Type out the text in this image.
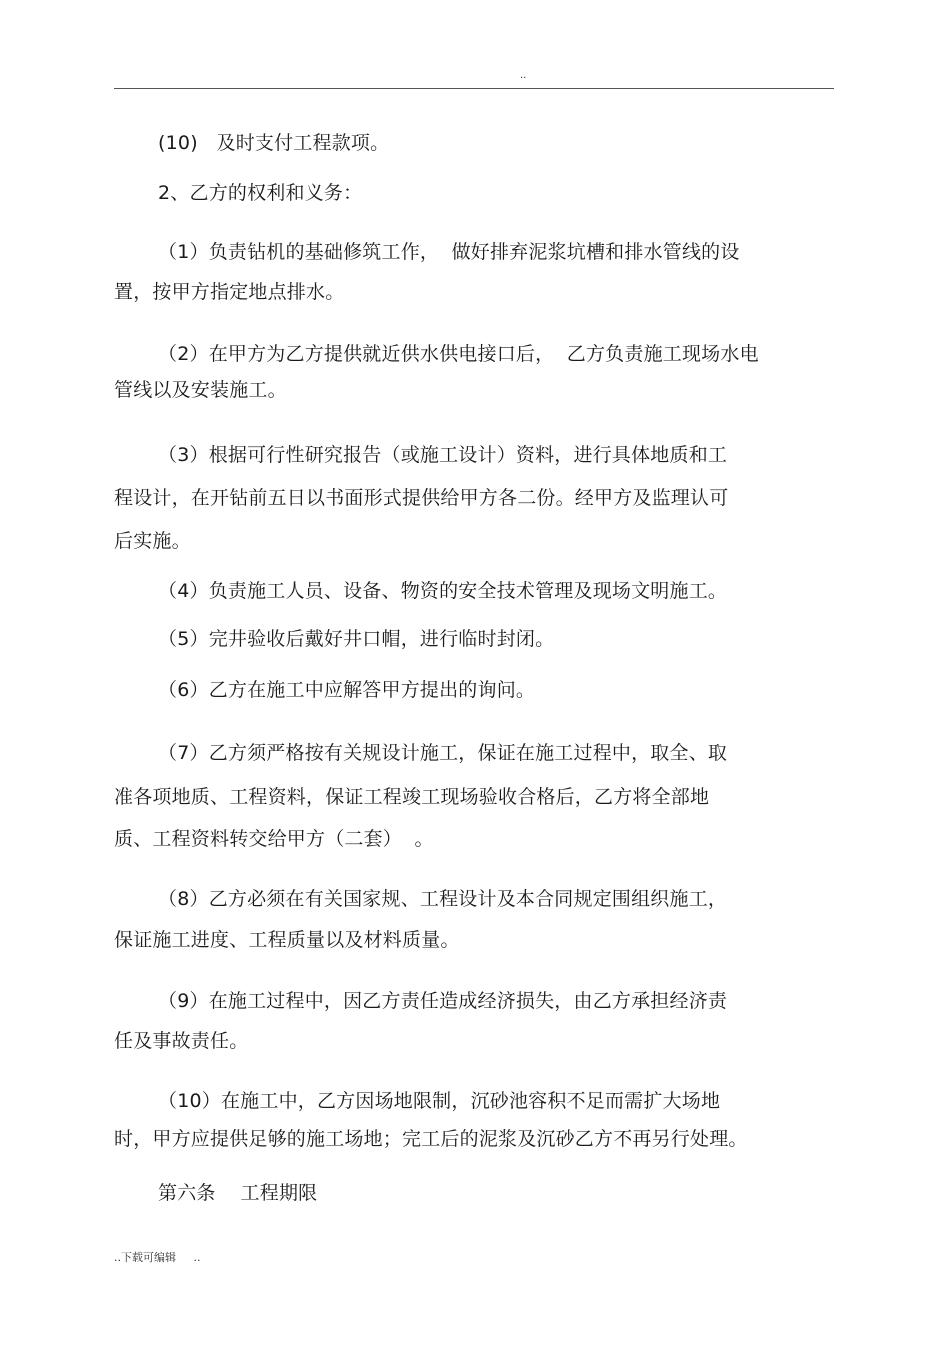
..
(10)   及时支付工程款项。
2、乙方的权利和义务：
（1）负责钻机的基础修筑工作，  做好排弃泥浆坑槽和排水管线的设
置，按甲方指定地点排水。
（2）在甲方为乙方提供就近供水供电接口后，  乙方负责施工现场水电
管线以及安装施工。
（3）根据可行性研究报告（或施工设计）资料，进行具体地质和工
程设计，在开钻前五日以书面形式提供给甲方各二份。经甲方及监理认可
后实施。
（4）负责施工人员、设备、物资的安全技术管理及现场文明施工。
（5）完井验收后戴好井口帽，进行临时封闭。
（6）乙方在施工中应解答甲方提出的询问。
（7）乙方须严格按有关规设计施工，保证在施工过程中，取全、取
准各项地质、工程资料，保证工程竣工现场验收合格后，乙方将全部地
质、工程资料转交给甲方（二套）  。
（8）乙方必须在有关国家规、工程设计及本合同规定围组织施工，
保证施工进度、工程质量以及材料质量。
（9）在施工过程中，因乙方责任造成经济损失，由乙方承担经济责
任及事故责任。
（10）在施工中，乙方因场地限制，沉砂池容积不足而需扩大场地
时，甲方应提供足够的施工场地；完工后的泥浆及沉砂乙方不再另行处理。
第六条    工程期限
..下载可编辑     ..
